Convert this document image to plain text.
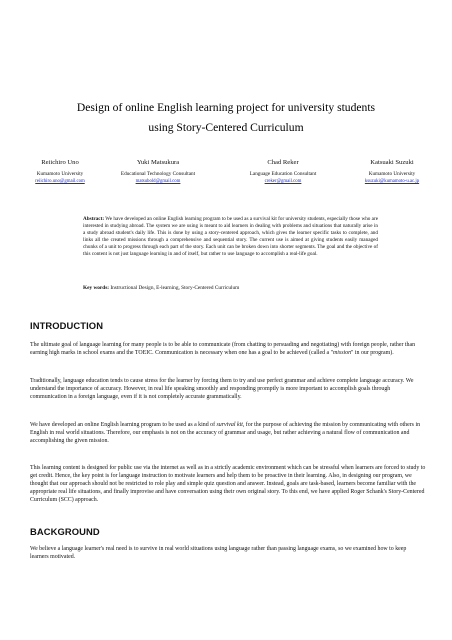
Design of online English learning project for university students
using Story-Centered Curriculum
Reiichiro Uno
Kumamoto University
reiichiro.uno@gmail.com
Yuki Matsukura
Educational Technology Consultant
matsubold@gmail.com
Chad Reker
Language Education Consultant
creker@gmail.com
Katsuaki Suzuki
Kumamoto University
ksuzuki@kumamoto-u.ac.jp
Abstract: We have developed an online English learning program to be used as a survival kit for university students, especially those who are interested in studying abroad. The system we are using is meant to aid learners in dealing with problems and situations that naturally arise in a study abroad student's daily life. This is done by using a story-centered approach, which gives the learner specific tasks to complete, and links all the created missions through a comprehensive and sequential story. The current use is aimed at giving students easily managed chunks of a unit to progress through each part of the story. Each unit can be broken down into shorter segments. The goal and the objective of this content is not just language learning in and of itself, but rather to use language to accomplish a real-life goal.
Key words: Instructional Design, E-learning, Story-Centered Curriculum
INTRODUCTION
The ultimate goal of language learning for many people is to be able to communicate (from chatting to persuading and negotiating) with foreign people, rather than earning high marks in school exams and the TOEIC. Communication is necessary when one has a goal to be achieved (called a "mission" in our program).
Traditionally, language education tends to cause stress for the learner by forcing them to try and use perfect grammar and achieve complete language accuracy. We understand the importance of accuracy. However, in real life speaking smoothly and responding promptly is more important to accomplish goals through communication in a foreign language, even if it is not completely accurate grammatically.
We have developed an online English learning program to be used as a kind of survival kit, for the purpose of achieving the mission by communicating with others in English in real world situations. Therefore, our emphasis is not on the accuracy of grammar and usage, but rather achieving a natural flow of communication and accomplishing the given mission.
This learning content is designed for public use via the internet as well as in a strictly academic environment which can be stressful when learners are forced to study to get credit. Hence, the key point is for language instruction to motivate learners and help them to be proactive in their learning. Also, in designing our program, we thought that our approach should not be restricted to role play and simple quiz question and answer. Instead, goals are task-based, learners become familiar with the appropriate real life situations, and finally improvise and have conversation using their own original story. To this end, we have applied Roger Schank's Story-Centered Curriculum (SCC) approach.
BACKGROUND
We believe a language learner's real need is to survive in real world situations using language rather than passing language exams, so we examined how to keep learners motivated.
